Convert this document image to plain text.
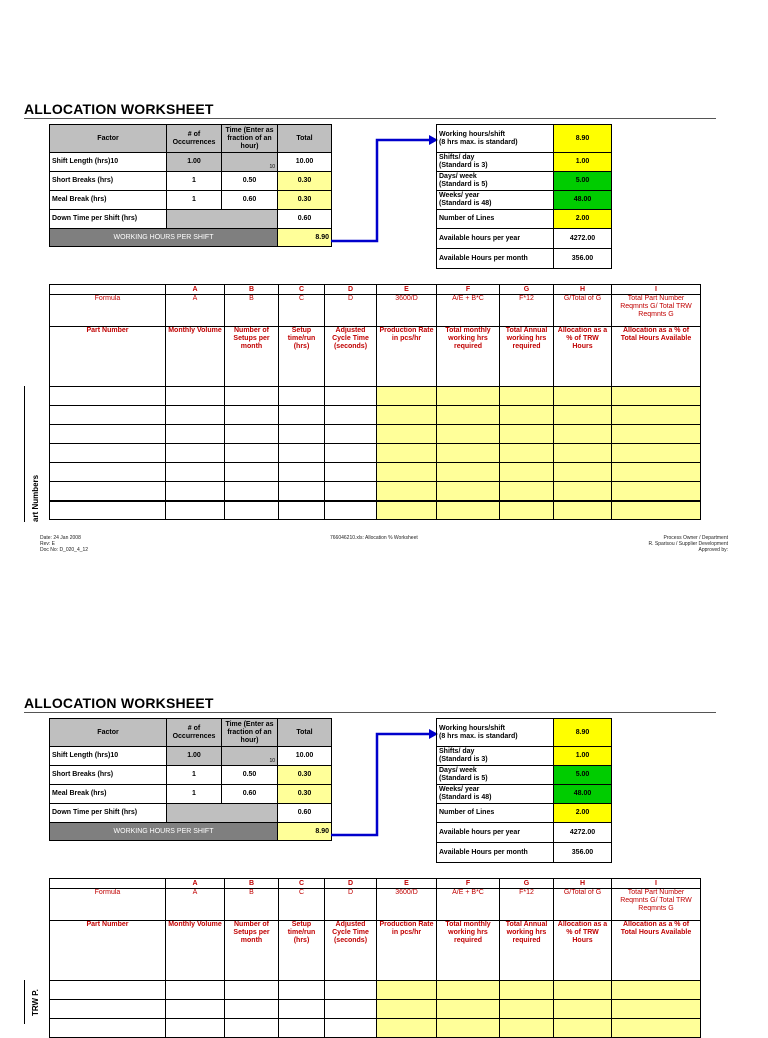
ALLOCATION WORKSHEET
Factor	# of Occurrences	Time (Enter as fraction of an hour)	Total
Shift Length (hrs)10	1.00	10	10.00
Short Breaks (hrs)	1	0.50	0.30
Meal Break (hrs)	1	0.60	0.30
Down Time per Shift (hrs)			0.60
WORKING HOURS PER SHIFT			8.90
Working hours/shift
(8 hrs max. is standard)	8.90
Shifts/ day
(Standard is 3)	1.00
Days/ week
(Standard is 5)	5.00
Weeks/ year
(Standard is 48)	48.00
Number of Lines	2.00
Available hours per year	4272.00
Available Hours per month	356.00
	A	B	C	D	E	F	G	H	I
Formula	A	B	C	D	3600/D	A/E + B*C	F*12	G/Total of G	Total Part Number Reqmnts G/ Total TRW Reqmnts G
Part Number	Monthly Volume	Number of Setups per month	Setup time/run (hrs)	Adjusted Cycle Time (seconds)	Production Rate in pcs/hr	Total monthly working hrs required	Total Annual working hrs required	Allocation as a % of TRW Hours	Allocation as a % of Total Hours Available

art Numbers
Date: 24 Jan 2008
Rev: E
Doc No: D_020_4_12
766046210.xls: Allocation % Worksheet	Process Owner / Department
R. Sparisou / Supplier Development
Approved by:
ALLOCATION WORKSHEET
Factor	# of Occurrences	Time (Enter as fraction of an hour)	Total
Shift Length (hrs)10	1.00	10	10.00
Short Breaks (hrs)	1	0.50	0.30
Meal Break (hrs)	1	0.60	0.30
Down Time per Shift (hrs)			0.60
WORKING HOURS PER SHIFT			8.90
Working hours/shift
(8 hrs max. is standard)	8.90
Shifts/ day
(Standard is 3)	1.00
Days/ week
(Standard is 5)	5.00
Weeks/ year
(Standard is 48)	48.00
Number of Lines	2.00
Available hours per year	4272.00
Available Hours per month	356.00
	A	B	C	D	E	F	G	H	I
Formula	A	B	C	D	3600/D	A/E + B*C	F*12	G/Total of G	Total Part Number Reqmnts G/ Total TRW Reqmnts G
Part Number	Monthly Volume	Number of Setups per month	Setup time/run (hrs)	Adjusted Cycle Time (seconds)	Production Rate in pcs/hr	Total monthly working hrs required	Total Annual working hrs required	Allocation as a % of TRW Hours	Allocation as a % of Total Hours Available

TRW P.
